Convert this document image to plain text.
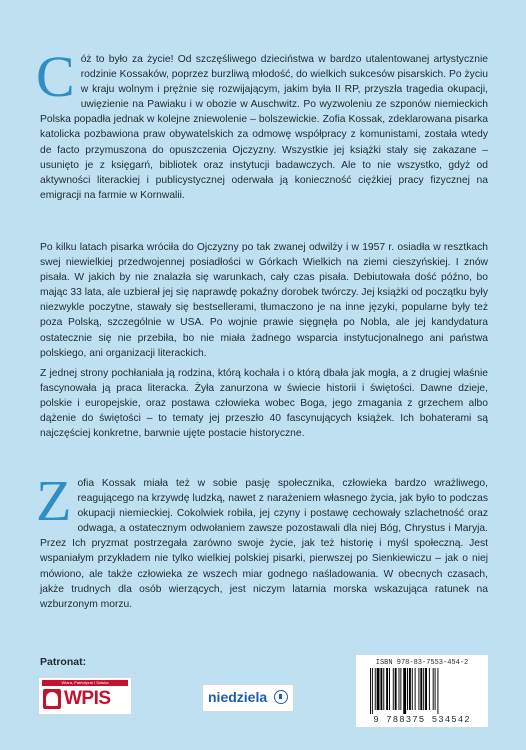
C óż to było za życie! Od szczęśliwego dzieciństwa w bardzo utalentowanej artystycznie rodzinie Kossaków, poprzez burzliwą młodość, do wielkich sukcesów pisarskich. Po życiu w kraju wolnym i prężnie się rozwijającym, jakim była II RP, przyszła tragedia okupacji, uwięzienie na Pawiaku i w obozie w Auschwitz. Po wyzwoleniu ze szponów niemieckich Polska popadła jednak w kolejne zniewolenie – bolszewickie. Zofia Kossak, zdeklarowana pisarka katolicka pozbawiona praw obywatelskich za odmowę współpracy z komunistami, została wtedy de facto przymuszona do opuszczenia Ojczyzny. Wszystkie jej książki stały się zakazane – usunięto je z księgarń, bibliotek oraz instytucji badawczych. Ale to nie wszystko, gdyż od aktywności literackiej i publicystycznej oderwała ją konieczność ciężkiej pracy fizycznej na emigracji na farmie w Kornwalii.

Po kilku latach pisarka wróciła do Ojczyzny po tak zwanej odwilży i w 1957 r. osiadła w resztkach swej niewielkiej przedwojennej posiadłości w Górkach Wielkich na ziemi cieszyńskiej. I znów pisała. W jakich by nie znalazła się warunkach, cały czas pisała. Debiutowała dość późno, bo mając 33 lata, ale uzbierał jej się naprawdę pokaźny dorobek twórczy. Jej książki od początku były niezwykle poczytne, stawały się bestsellerami, tłumaczono je na inne języki, popularne były też poza Polską, szczególnie w USA. Po wojnie prawie sięgnęła po Nobla, ale jej kandydatura ostatecznie się nie przebiła, bo nie miała żadnego wsparcia instytucjonalnego ani państwa polskiego, ani organizacji literackich.

Z jednej strony pochłaniała ją rodzina, którą kochała i o którą dbała jak mogła, a z drugiej właśnie fascynowała ją praca literacka. Żyła zanurzona w świecie historii i świętości. Dawne dzieje, polskie i europejskie, oraz postawa człowieka wobec Boga, jego zmagania z grzechem albo dążenie do świętości – to tematy jej przeszło 40 fascynujących książek. Ich bohaterami są najczęściej konkretne, barwnie ujęte postacie historyczne.

Z ofia Kossak miała też w sobie pasję społecznika, człowieka bardzo wrażliwego, reagującego na krzywdę ludzką, nawet z narażeniem własnego życia, jak było to podczas okupacji niemieckiej. Cokolwiek robiła, jej czyny i postawę cechowały szlachetność oraz odwaga, a ostatecznym odwołaniem zawsze pozostawali dla niej Bóg, Chrystus i Maryja. Przez Ich pryzmat postrzegała zarówno swoje życie, jak też historię i myśl społeczną. Jest wspaniałym przykładem nie tylko wielkiej polskiej pisarki, pierwszej po Sienkiewiczu – jak o niej mówiono, ale także człowieka ze wszech miar godnego naśladowania. W obecnych czasach, jakże trudnych dla osób wierzących, jest niczym latarnia morska wskazująca ratunek na wzburzonym morzu.

Patronat:

Wiara, Patriotyzm i Sztuka
WPIS	niedziela

ISBN 978-83-7553-454-2

9 788375 534542
